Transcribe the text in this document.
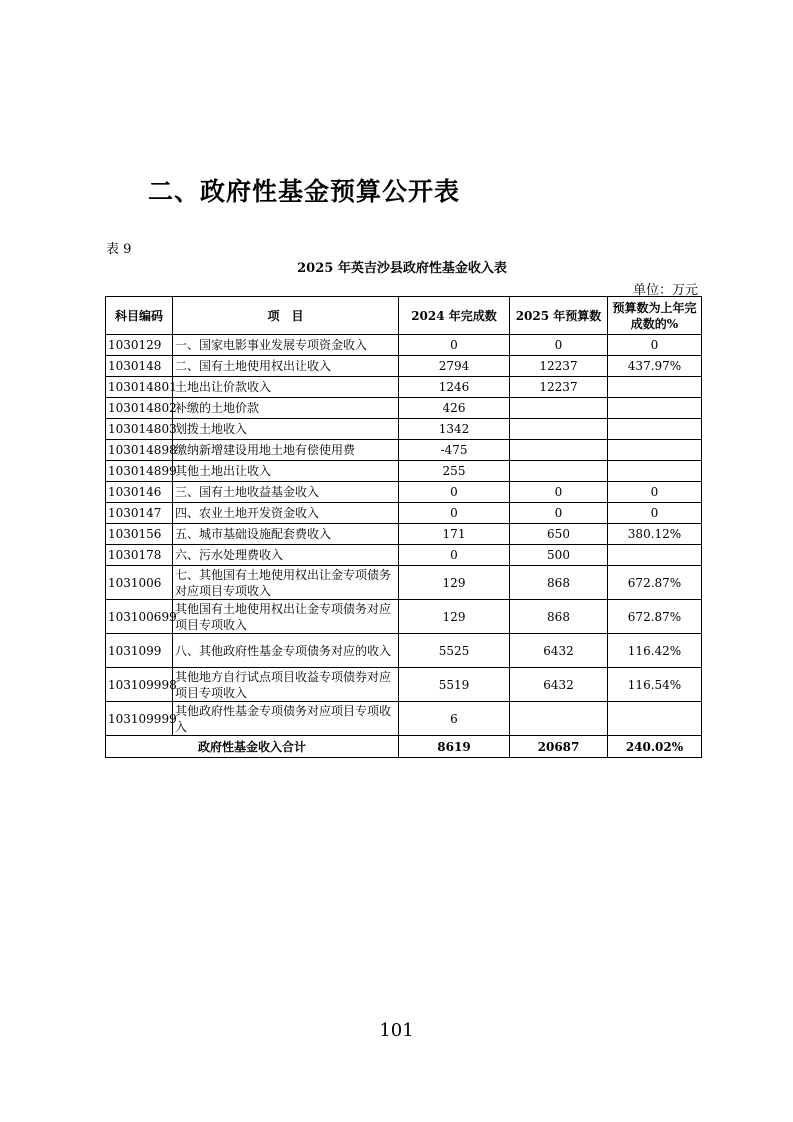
二、政府性基金预算公开表
表 9
2025 年英吉沙县政府性基金收入表
单位：万元
科目编码	项　目	2024 年完成数	2025 年预算数	预算数为上年完成数的%
1030129	一、国家电影事业发展专项资金收入	0	0	0
1030148	二、国有土地使用权出让收入	2794	12237	437.97%
103014801	土地出让价款收入	1246	12237	
103014802	补缴的土地价款	426		
103014803	划拨土地收入	1342		
103014898	缴纳新增建设用地土地有偿使用费	-475		
103014899	其他土地出让收入	255		
1030146	三、国有土地收益基金收入	0	0	0
1030147	四、农业土地开发资金收入	0	0	0
1030156	五、城市基础设施配套费收入	171	650	380.12%
1030178	六、污水处理费收入	0	500	
1031006	七、其他国有土地使用权出让金专项债务对应项目专项收入	129	868	672.87%
103100699	其他国有土地使用权出让金专项债务对应项目专项收入	129	868	672.87%
1031099	八、其他政府性基金专项债务对应的收入	5525	6432	116.42%
103109998	其他地方自行试点项目收益专项债券对应项目专项收入	5519	6432	116.54%
103109999	其他政府性基金专项债务对应项目专项收入	6		
政府性基金收入合计		8619	20687	240.02%
101
